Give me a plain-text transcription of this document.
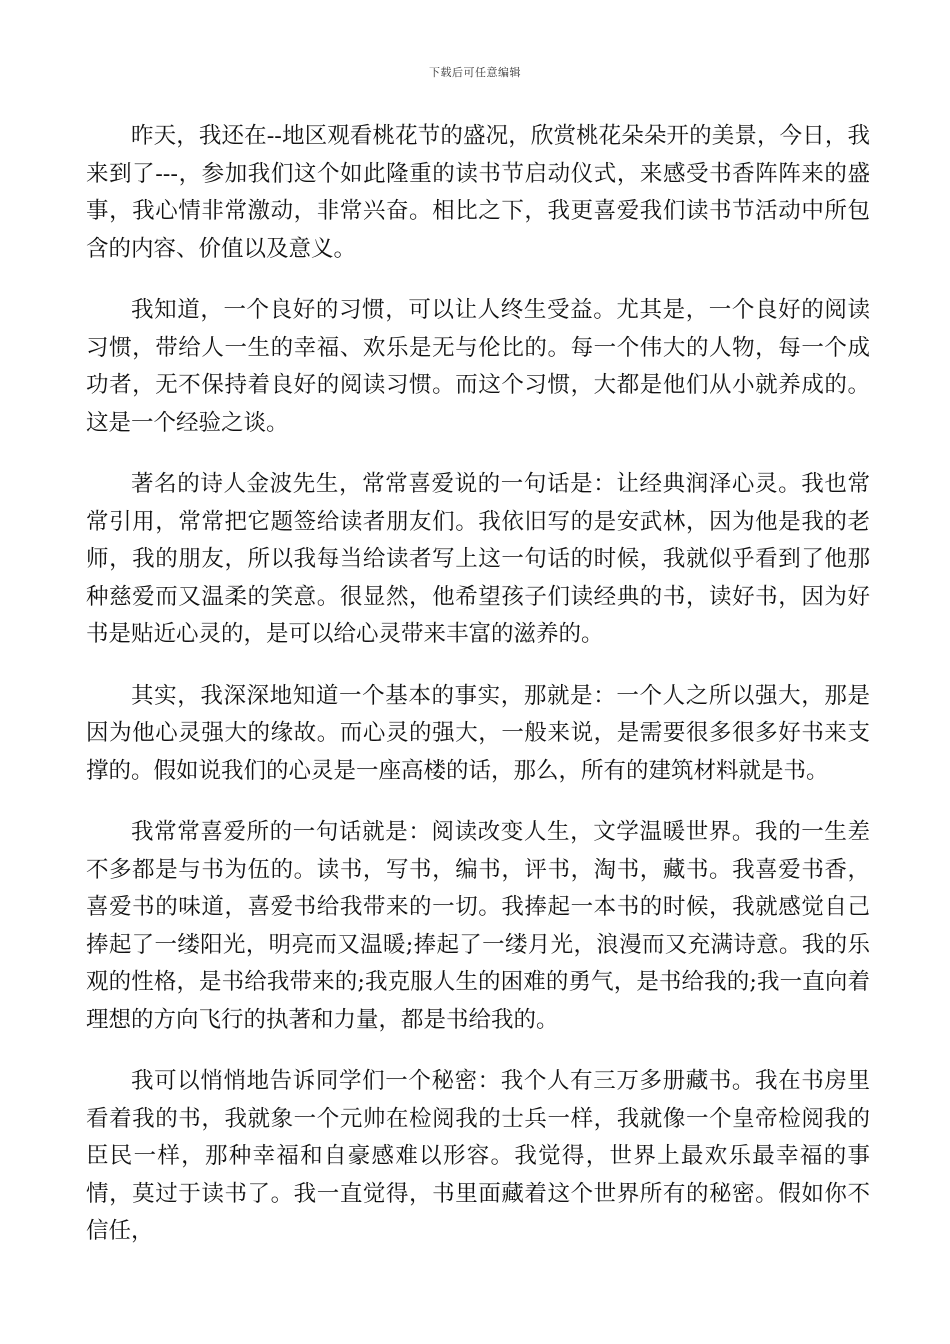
下载后可任意编辑

昨天，我还在--地区观看桃花节的盛况，欣赏桃花朵朵开的美景，今日，我来到了---，参加我们这个如此隆重的读书节启动仪式，来感受书香阵阵来的盛事，我心情非常激动，非常兴奋。相比之下，我更喜爱我们读书节活动中所包含的内容、价值以及意义。

我知道，一个良好的习惯，可以让人终生受益。尤其是，一个良好的阅读习惯，带给人一生的幸福、欢乐是无与伦比的。每一个伟大的人物，每一个成功者，无不保持着良好的阅读习惯。而这个习惯，大都是他们从小就养成的。这是一个经验之谈。

著名的诗人金波先生，常常喜爱说的一句话是：让经典润泽心灵。我也常常引用，常常把它题签给读者朋友们。我依旧写的是安武林，因为他是我的老师，我的朋友，所以我每当给读者写上这一句话的时候，我就似乎看到了他那种慈爱而又温柔的笑意。很显然，他希望孩子们读经典的书，读好书，因为好书是贴近心灵的，是可以给心灵带来丰富的滋养的。

其实，我深深地知道一个基本的事实，那就是：一个人之所以强大，那是因为他心灵强大的缘故。而心灵的强大，一般来说，是需要很多很多好书来支撑的。假如说我们的心灵是一座高楼的话，那么，所有的建筑材料就是书。

我常常喜爱所的一句话就是：阅读改变人生，文学温暖世界。我的一生差不多都是与书为伍的。读书，写书，编书，评书，淘书，藏书。我喜爱书香，喜爱书的味道，喜爱书给我带来的一切。我捧起一本书的时候，我就感觉自己捧起了一缕阳光，明亮而又温暖;捧起了一缕月光，浪漫而又充满诗意。我的乐观的性格，是书给我带来的;我克服人生的困难的勇气，是书给我的;我一直向着理想的方向飞行的执著和力量，都是书给我的。

我可以悄悄地告诉同学们一个秘密：我个人有三万多册藏书。我在书房里看着我的书，我就象一个元帅在检阅我的士兵一样，我就像一个皇帝检阅我的臣民一样，那种幸福和自豪感难以形容。我觉得，世界上最欢乐最幸福的事情，莫过于读书了。我一直觉得，书里面藏着这个世界所有的秘密。假如你不信任，
